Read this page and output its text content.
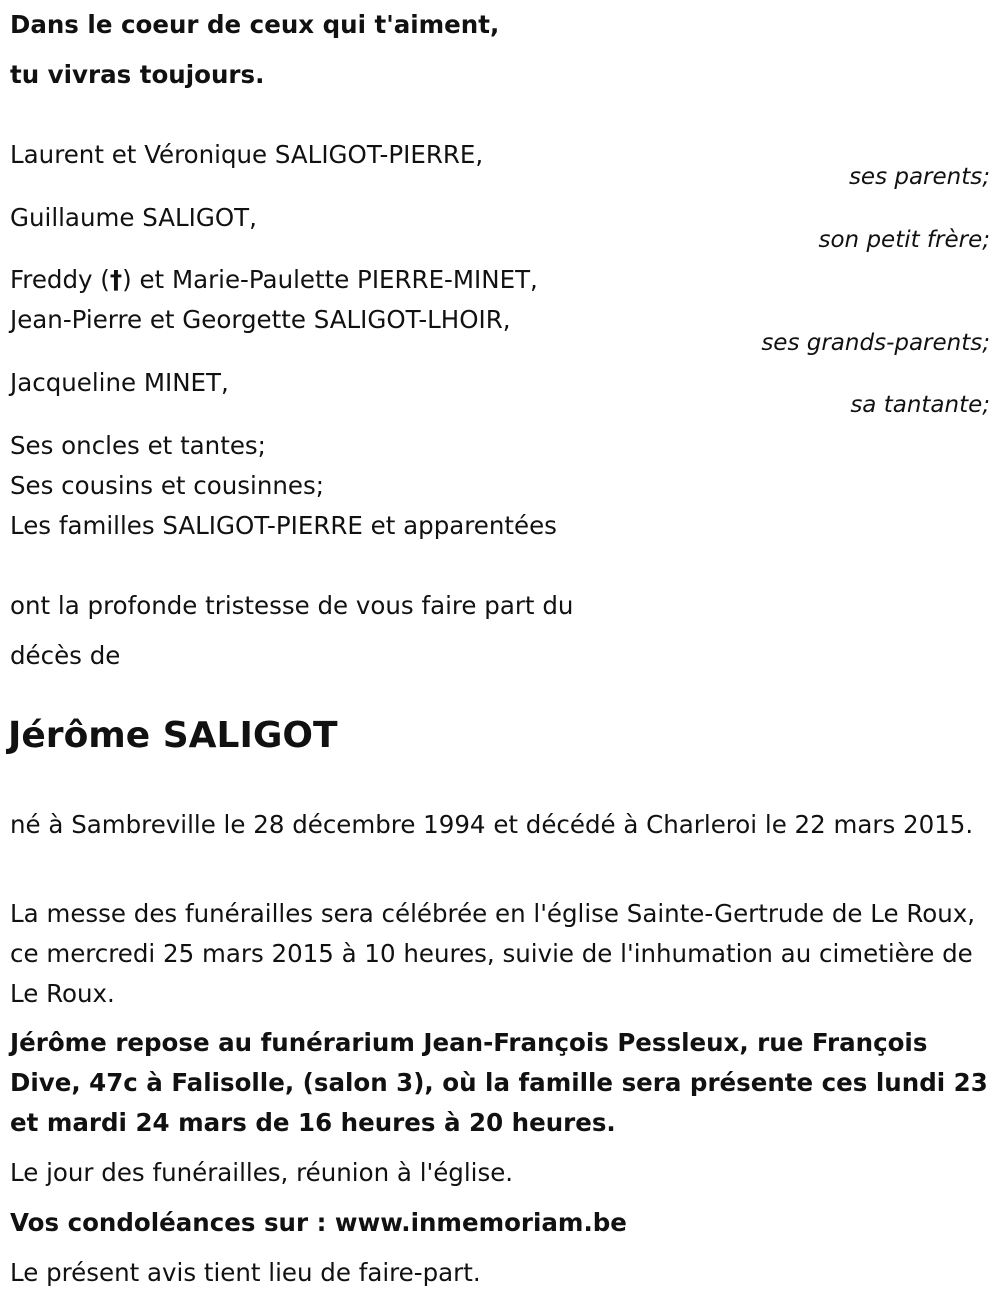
Dans le coeur de ceux qui t'aiment,

tu vivras toujours.

Laurent et Véronique SALIGOT-PIERRE,

ses parents;

Guillaume SALIGOT,

son petit frère;

Freddy (†) et Marie-Paulette PIERRE-MINET,

Jean-Pierre et Georgette SALIGOT-LHOIR,

ses grands-parents;

Jacqueline MINET,

sa tantante;

Ses oncles et tantes;

Ses cousins et cousinnes;

Les familles SALIGOT-PIERRE et apparentées

ont la profonde tristesse de vous faire part du

décès de

Jérôme SALIGOT

né à Sambreville le 28 décembre 1994 et décédé à Charleroi le 22 mars 2015.

La messe des funérailles sera célébrée en l'église Sainte-Gertrude de Le Roux, ce mercredi 25 mars 2015 à 10 heures, suivie de l'inhumation au cimetière de Le Roux.

Jérôme repose au funérarium Jean-François Pessleux, rue François Dive, 47c à Falisolle, (salon 3), où la famille sera présente ces lundi 23 et mardi 24 mars de 16 heures à 20 heures.

Le jour des funérailles, réunion à l'église.

Vos condoléances sur : www.inmemoriam.be

Le présent avis tient lieu de faire-part.
